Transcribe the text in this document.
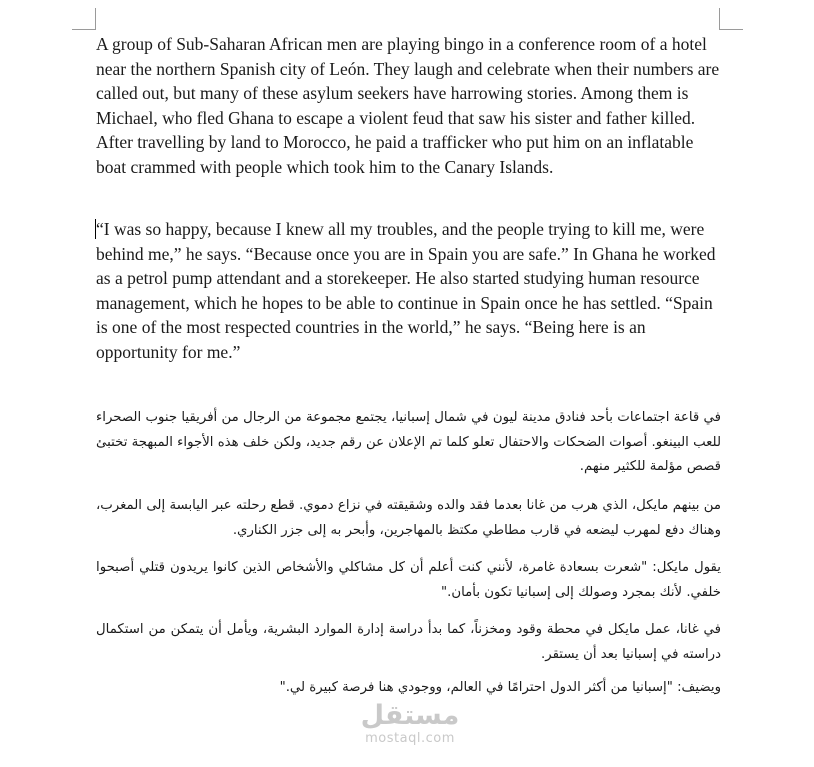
A group of Sub-Saharan African men are playing bingo in a conference room of a hotel near the northern Spanish city of León. They laugh and celebrate when their numbers are called out, but many of these asylum seekers have harrowing stories. Among them is Michael, who fled Ghana to escape a violent feud that saw his sister and father killed. After travelling by land to Morocco, he paid a trafficker who put him on an inflatable boat crammed with people which took him to the Canary Islands.

“I was so happy, because I knew all my troubles, and the people trying to kill me, were behind me,” he says. “Because once you are in Spain you are safe.” In Ghana he worked as a petrol pump attendant and a storekeeper. He also started studying human resource management, which he hopes to be able to continue in Spain once he has settled. “Spain is one of the most respected countries in the world,” he says. “Being here is an opportunity for me.”

في قاعة اجتماعات بأحد فنادق مدينة ليون في شمال إسبانيا، يجتمع مجموعة من الرجال من أفريقيا جنوب الصحراء للعب البينغو. أصوات الضحكات والاحتفال تعلو كلما تم الإعلان عن رقم جديد، ولكن خلف هذه الأجواء المبهجة تختبئ قصص مؤلمة للكثير منهم.

من بينهم مايكل، الذي هرب من غانا بعدما فقد والده وشقيقته في نزاع دموي. قطع رحلته عبر اليابسة إلى المغرب، وهناك دفع لمهرب ليضعه في قارب مطاطي مكتظ بالمهاجرين، وأبحر به إلى جزر الكناري.

يقول مايكل: "شعرت بسعادة غامرة، لأنني كنت أعلم أن كل مشاكلي والأشخاص الذين كانوا يريدون قتلي أصبحوا خلفي. لأنك بمجرد وصولك إلى إسبانيا تكون بأمان."

في غانا، عمل مايكل في محطة وقود ومخزناً، كما بدأ دراسة إدارة الموارد البشرية، ويأمل أن يتمكن من استكمال دراسته في إسبانيا بعد أن يستقر.

ويضيف: "إسبانيا من أكثر الدول احترامًا في العالم، ووجودي هنا فرصة كبيرة لي."

مستقل
mostaql.com
